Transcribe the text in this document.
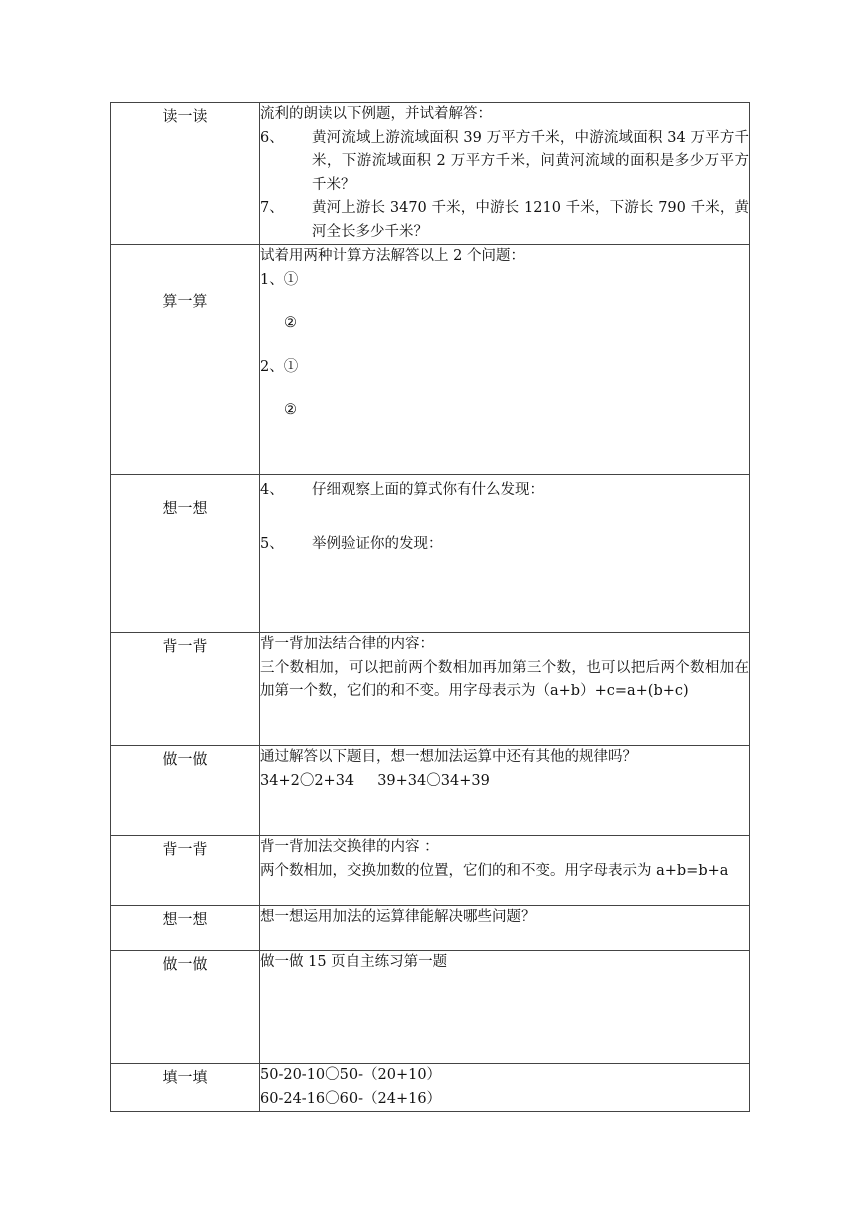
读一读	流利的朗读以下例题，并试着解答：
6、 黄河流域上游流域面积 39 万平方千米，中游流域面积 34 万平方千米，下游流域面积 2 万平方千米，问黄河流域的面积是多少万平方千米？
7、 黄河上游长 3470 千米，中游长 1210 千米，下游长 790 千米，黄河全长多少千米？

算一算	试着用两种计算方法解答以上 2 个问题：
1、①
②
2、①
②

想一想	4、 仔细观察上面的算式你有什么发现：
5、 举例验证你的发现：

背一背	背一背加法结合律的内容：
三个数相加，可以把前两个数相加再加第三个数，也可以把后两个数相加在加第一个数，它们的和不变。用字母表示为（a+b）+c=a+(b+c)

做一做	通过解答以下题目，想一想加法运算中还有其他的规律吗？
34+2〇2+34     39+34〇34+39

背一背	背一背加法交换律的内容 ：
两个数相加，交换加数的位置，它们的和不变。用字母表示为 a+b=b+a

想一想	想一想运用加法的运算律能解决哪些问题？

做一做	做一做 15 页自主练习第一题

填一填	50-20-10〇50-（20+10）
60-24-16〇60-（24+16）
